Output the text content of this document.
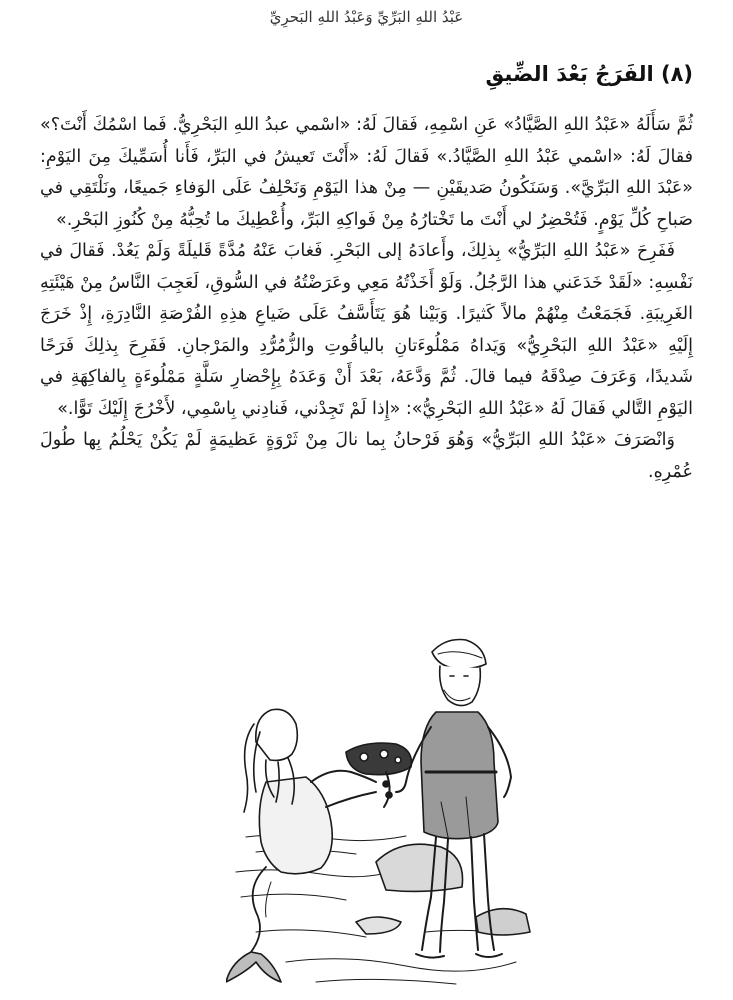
عَبْدُ اللهِ البَرِّيِّ وَعَبْدُ اللهِ البَحرِيِّ
(٨) الفَرَجُ بَعْدَ الضِّيقِ

ثُمَّ سَأَلَهُ «عَبْدُ اللهِ الصَّيَّادُ» عَنِ اسْمِهِ، فَقالَ لَهُ: «اسْمي عبدُ اللهِ البَحْرِيُّ. فَما اسْمُكَ أَنْتَ؟» فقالَ لَهُ: «اسْمي عَبْدُ اللهِ الصَّيَّادُ.» فَقالَ لَهُ: «أَنْتَ تَعيشُ في البَرِّ، فَأَنا أُسَمِّيكَ مِنَ اليَوْمِ: «عَبْدَ اللهِ البَرِّيَّ». وَسَنَكُونُ صَديقَيْنِ — مِنْ هذا اليَوْمِ وَنَحْلِفُ عَلَى الوَفاءِ جَميعًا، ونَلْتَقِي في صَباحِ كُلِّ يَوْمٍ. فَتُحْضِرُ لي أَنْتَ ما تَخْتارُهُ مِنْ فَواكِهِ البَرِّ، وأُعْطِيكَ ما تُحِبُّهُ مِنْ كُنُوزِ البَحْرِ.»

فَفَرِحَ «عَبْدُ اللهِ البَرِّيُّ» بِذلِكَ، وأَعادَهُ إلى البَحْرِ. فَغابَ عَنْهُ مُدَّةً قَليلَةً وَلَمْ يَعُدْ. فَقالَ في نَفْسِهِ: «لَقَدْ خَدَعَني هذا الرَّجُلُ. وَلَوْ أَخَذْتُهُ مَعِي وعَرَضْتُهُ في السُّوقِ، لَعَجِبَ النَّاسُ مِنْ هَيْئَتِهِ الغَرِيبَةِ. فَجَمَعْتُ مِنْهُمْ مالاً كَثيرًا. وَبَيْنا هُوَ يَتَأَسَّفُ عَلَى ضَياعِ هذِهِ الفُرْصَةِ النَّادِرَةِ، إِذْ خَرَجَ إِلَيْهِ «عَبْدُ اللهِ البَحْرِيُّ» وَيَداهُ مَمْلُوءَتانِ بالياقُوتِ والزُّمُرُّدِ والمَرْجانِ. فَفَرِحَ بِذلِكَ فَرَحًا شَديدًا، وَعَرَفَ صِدْقَهُ فيما قالَ. ثُمَّ وَدَّعَهُ، بَعْدَ أَنْ وَعَدَهُ بِإِحْضارِ سَلَّةٍ مَمْلُوءَةٍ بِالفاكِهَةِ في اليَوْمِ التَّالي فَقالَ لَهُ «عَبْدُ اللهِ البَحْرِيُّ»: «إِذا لَمْ تَجِدْني، فَنادِني بِاسْمِي، لأَخْرُجَ إِلَيْكَ تَوًّا.»

وَانْصَرَفَ «عَبْدُ اللهِ البَرِّيُّ» وَهُوَ فَرْحانُ بِما نالَ مِنْ ثَرْوَةٍ عَظيمَةٍ لَمْ يَكُنْ يَحْلُمُ بِها طُولَ عُمْرِهِ.
